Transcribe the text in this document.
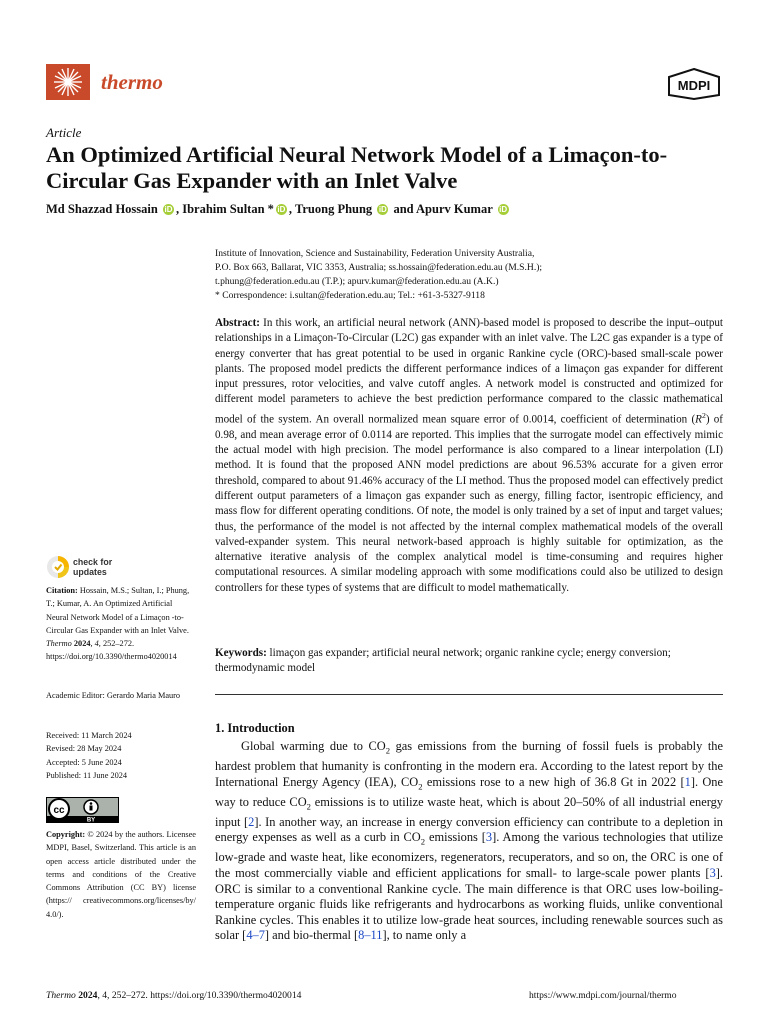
thermo	MDPI
Article
An Optimized Artificial Neural Network Model of a Limaçon-to-Circular Gas Expander with an Inlet Valve
Md Shazzad Hossain iD , Ibrahim Sultan * iD , Truong Phung iD and Apurv Kumar iD
Institute of Innovation, Science and Sustainability, Federation University Australia,
P.O. Box 663, Ballarat, VIC 3353, Australia; ss.hossain@federation.edu.au (M.S.H.);
t.phung@federation.edu.au (T.P.); apurv.kumar@federation.edu.au (A.K.)
* Correspondence: i.sultan@federation.edu.au; Tel.: +61-3-5327-9118
Abstract: In this work, an artificial neural network (ANN)-based model is proposed to describe the input–output relationships in a Limaçon-To-Circular (L2C) gas expander with an inlet valve. The L2C gas expander is a type of energy converter that has great potential to be used in organic Rankine cycle (ORC)-based small-scale power plants. The proposed model predicts the different performance indices of a limaçon gas expander for different input pressures, rotor velocities, and valve cutoff angles. A network model is constructed and optimized for different model parameters to achieve the best prediction performance compared to the classic mathematical model of the system. An overall normalized mean square error of 0.0014, coefficient of determination $(R^2)$ of 0.98, and mean average error of 0.0114 are reported. This implies that the surrogate model can effectively mimic the actual model with high precision. The model performance is also compared to a linear interpolation (LI) method. It is found that the proposed ANN model predictions are about 96.53% accurate for a given error threshold, compared to about 91.46% accuracy of the LI method. Thus the proposed model can effectively predict different output parameters of a limaçon gas expander such as energy, filling factor, isentropic efficiency, and mass flow for different operating conditions. Of note, the model is only trained by a set of input and target values; thus, the performance of the model is not affected by the internal complex mathematical models of the overall valved-expander system. This neural network-based approach is highly suitable for optimization, as the alternative iterative analysis of the complex analytical model is time-consuming and requires higher computational resources. A similar modeling approach with some modifications could also be utilized to design controllers for these types of systems that are difficult to model mathematically.
Keywords: limaçon gas expander; artificial neural network; organic rankine cycle; energy conversion; thermodynamic model
1. Introduction
Global warming due to $CO_2$ gas emissions from the burning of fossil fuels is probably the hardest problem that humanity is confronting in the modern era. According to the latest report by the International Energy Agency (IEA), $CO_2$ emissions rose to a new high of 36.8 Gt in 2022 [1]. One way to reduce $CO_2$ emissions is to utilize waste heat, which is about 20–50% of all industrial energy input [2]. In another way, an increase in energy conversion efficiency can contribute to a depletion in energy expenses as well as a curb in $CO_2$ emissions [3]. Among the various technologies that utilize low-grade and waste heat, like economizers, regenerators, recuperators, and so on, the ORC is one of the most commercially viable and efficient applications for small- to large-scale power plants [3]. ORC is similar to a conventional Rankine cycle. The main difference is that ORC uses low-boiling-temperature organic fluids like refrigerants and hydrocarbons as working fluids, unlike conventional Rankine cycles. This enables it to utilize low-grade heat sources, including renewable sources such as solar [4–7] and bio-thermal [8–11], to name only a
check for
updates
Citation: Hossain, M.S.; Sultan, I.; Phung, T.; Kumar, A. An Optimized Artificial Neural Network Model of a Limaçon -to-Circular Gas Expander with an Inlet Valve. Thermo 2024, 4, 252–272. https://doi.org/10.3390/thermo4020014
Academic Editor: Gerardo Maria Mauro
Received: 11 March 2024
Revised: 28 May 2024
Accepted: 5 June 2024
Published: 11 June 2024
cc
BY
Copyright: © 2024 by the authors. Licensee MDPI, Basel, Switzerland. This article is an open access article distributed under the terms and conditions of the Creative Commons Attribution (CC BY) license (https:// creativecommons.org/licenses/by/ 4.0/).
Thermo 2024, 4, 252–272. https://doi.org/10.3390/thermo4020014	https://www.mdpi.com/journal/thermo
